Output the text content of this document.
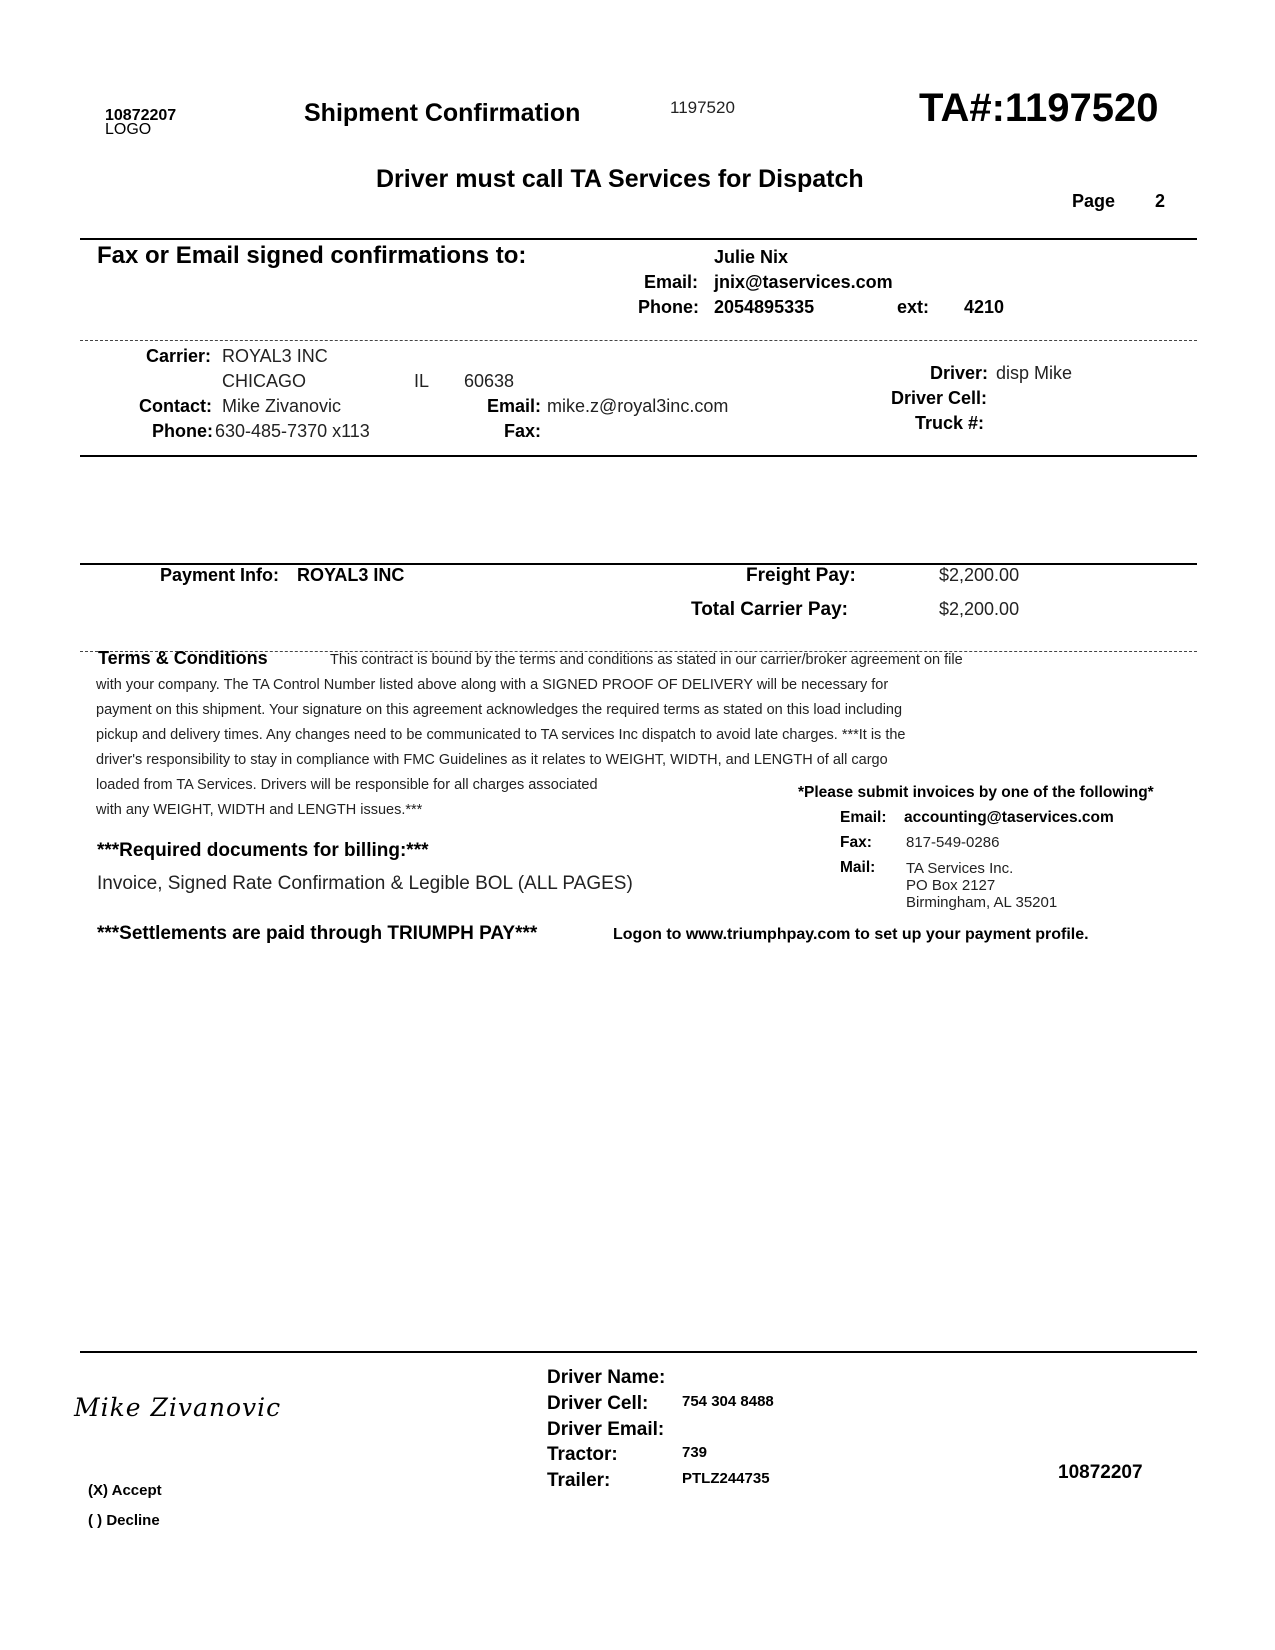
10872207
LOGO
Shipment Confirmation	1197520	TA#:1197520
Driver must call TA Services for Dispatch
Page 2
Fax or Email signed confirmations to:	Julie Nix
Email: jnix@taservices.com
Phone: 2054895335	ext: 4210
Carrier: ROYAL3 INC
CHICAGO	IL 60638
Contact: Mike Zivanovic
Phone: 630-485-7370 x113
Email: mike.z@royal3inc.com
Fax:
Driver: disp Mike
Driver Cell:
Truck #:
Payment Info: ROYAL3 INC	Freight Pay:	$2,200.00
Total Carrier Pay:	$2,200.00
Terms & Conditions	This contract is bound by the terms and conditions as stated in our carrier/broker agreement on file
with your company. The TA Control Number listed above along with a SIGNED PROOF OF DELIVERY will be necessary for
payment on this shipment. Your signature on this agreement acknowledges the required terms as stated on this load including
pickup and delivery times. Any changes need to be communicated to TA services Inc dispatch to avoid late charges. ***It is the
driver's responsibility to stay in compliance with FMC Guidelines as it relates to WEIGHT, WIDTH, and LENGTH of all cargo
loaded from TA Services. Drivers will be responsible for all charges associated
with any WEIGHT, WIDTH and LENGTH issues.***
*Please submit invoices by one of the following*
Email: accounting@taservices.com
Fax: 817-549-0286
Mail: TA Services Inc.
PO Box 2127
Birmingham, AL 35201
***Required documents for billing:***
Invoice, Signed Rate Confirmation & Legible BOL (ALL PAGES)
***Settlements are paid through TRIUMPH PAY***	Logon to www.triumphpay.com to set up your payment profile.
Mike Zivanovic
(X) Accept
( ) Decline
Driver Name:
Driver Cell: 754 304 8488
Driver Email:
Tractor:	739
Trailer:	PTLZ244735	10872207
